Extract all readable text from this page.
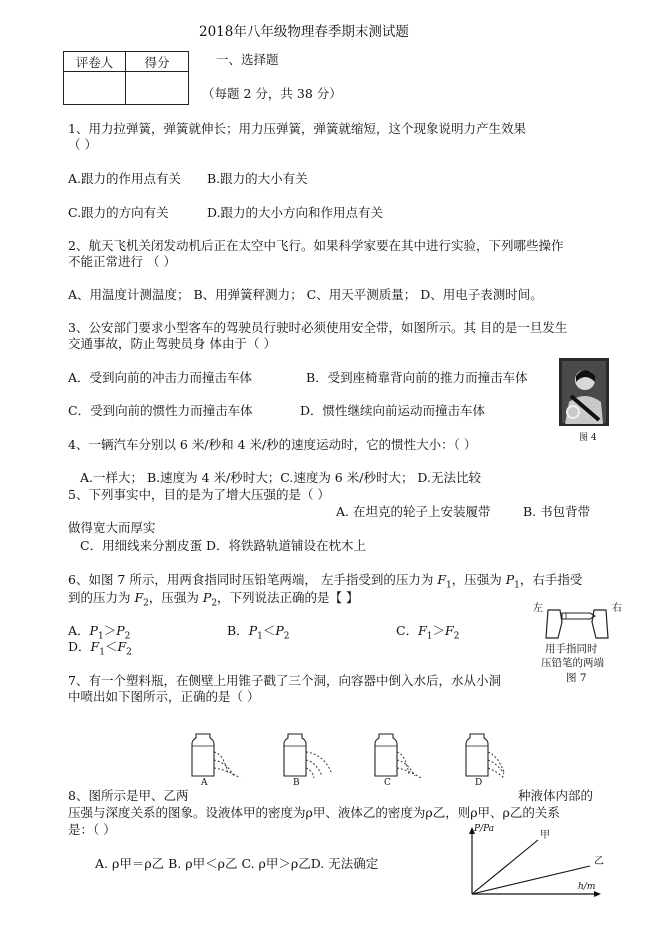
2018年八年级物理春季期末测试题
评卷人	得分
		一、选择题
（每题 2 分，共 38 分）
1、用力拉弹簧，弹簧就伸长；用力压弹簧，弹簧就缩短，这个现象说明力产生效果
（ ）
A.跟力的作用点有关 B.跟力的大小有关
C.跟力的方向有关	D.跟力的大小方向和作用点有关
2、航天飞机关闭发动机后正在太空中飞行。如果科学家要在其中进行实验，下列哪些操作
不能正常进行 （ ）
A、用温度计测温度； B、用弹簧秤测力； C、用天平测质量； D、用电子表测时间。
3、公安部门要求小型客车的驾驶员行驶时必须使用安全带，如图所示。其 目的是一旦发生
交通事故，防止驾驶员身 体由于（ ）
A．受到向前的冲击力而撞击车体	B．受到座椅靠背向前的推力而撞击车体
C．受到向前的惯性力而撞击车体	D．惯性继续向前运动而撞击车体
图 4
4、一辆汽车分别以 6 米/秒和 4 米/秒的速度运动时，它的惯性大小：（ ）
A.一样大； B.速度为 4 米/秒时大；C.速度为 6 米/秒时大； D.无法比较
5、下列事实中，目的是为了增大压强的是（ ）
A. 在坦克的轮子上安装履带	B. 书包背带
做得宽大而厚实
C．用细线来分割皮蛋 D．将铁路轨道铺设在枕木上
6、如图 7 所示，用两食指同时压铅笔两端， 左手指受到的压力为 $F_1$，压强为 $P_1$，右手指受
到的压力为 $F_2$，压强为 $P_2$，下列说法正确的是【 】
A．$P_1>P_2$	B．$P_1<P_2$	C．$F_1>F_2$
D．$F_1<F_2$
左	右
用手指同时
压铅笔的两端
图 7
7、有一个塑料瓶，在侧壁上用锥子戳了三个洞，向容器中倒入水后，水从小洞
中喷出如下图所示，正确的是（ ）
A	B	C	D
8、图所示是甲、乙两	种液体内部的
压强与深度关系的图象。设液体甲的密度为ρ甲、液体乙的密度为ρ乙，则ρ甲、ρ乙的关系
是：（ ）
A. ρ甲＝ρ乙 B. ρ甲＜ρ乙 C. ρ甲＞ρ乙D. 无法确定
P/Pa
h/m
甲
乙
